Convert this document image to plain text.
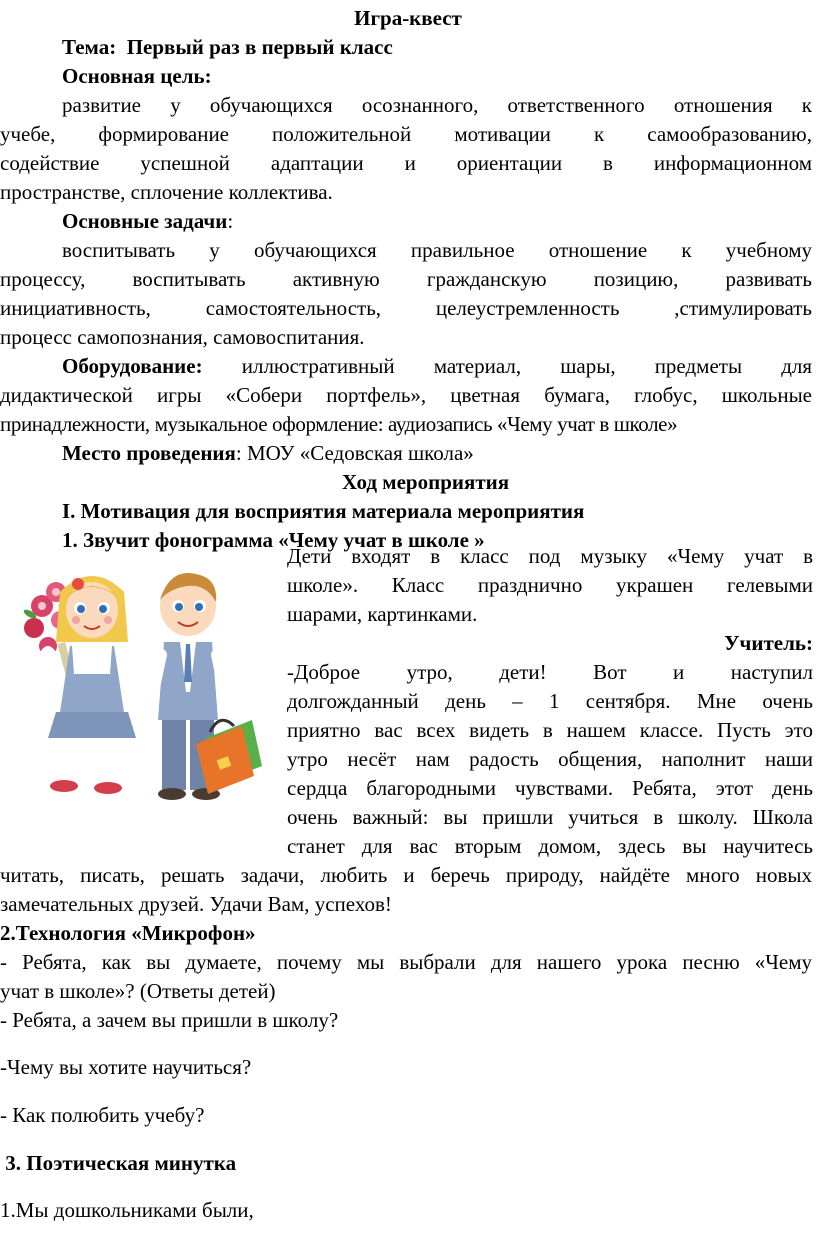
Игра-квест
Тема: Первый раз в первый класс
Основная цель:
развитие у обучающихся осознанного, ответственного отношения к
учебе, формирование положительной мотивации к самообразованию,
содействие успешной адаптации и ориентации в информационном
пространстве, сплочение коллектива.
Основные задачи:
воспитывать у обучающихся правильное отношение к учебному
процессу, воспитывать активную гражданскую позицию, развивать
инициативность, самостоятельность, целеустремленность ,стимулировать
процесс самопознания, самовоспитания.
Оборудование: иллюстративный материал, шары, предметы для
дидактической игры «Собери портфель», цветная бумага, глобус, школьные
принадлежности, музыкальное оформление: аудиозапись «Чему учат в школе»
Место проведения: МОУ «Седовская школа»
Ход мероприятия
I. Мотивация для восприятия материала мероприятия
1. Звучит фонограмма «Чему учат в школе »
Дети входят в класс под музыку «Чему учат в
школе». Класс празднично украшен гелевыми
шарами, картинками.
Учитель:
-Доброе утро, дети! Вот и наступил
долгожданный день – 1 сентября. Мне очень
приятно вас всех видеть в нашем классе. Пусть это
утро несёт нам радость общения, наполнит наши
сердца благородными чувствами. Ребята, этот день
очень важный: вы пришли учиться в школу. Школа
станет для вас вторым домом, здесь вы научитесь
читать, писать, решать задачи, любить и беречь природу, найдёте много новых
замечательных друзей. Удачи Вам, успехов!
2.Технология «Микрофон»
- Ребята, как вы думаете, почему мы выбрали для нашего урока песню «Чему
учат в школе»? (Ответы детей)
- Ребята, а зачем вы пришли в школу?
-Чему вы хотите научиться?
- Как полюбить учебу?
3. Поэтическая минутка
1.Мы дошкольниками были,
